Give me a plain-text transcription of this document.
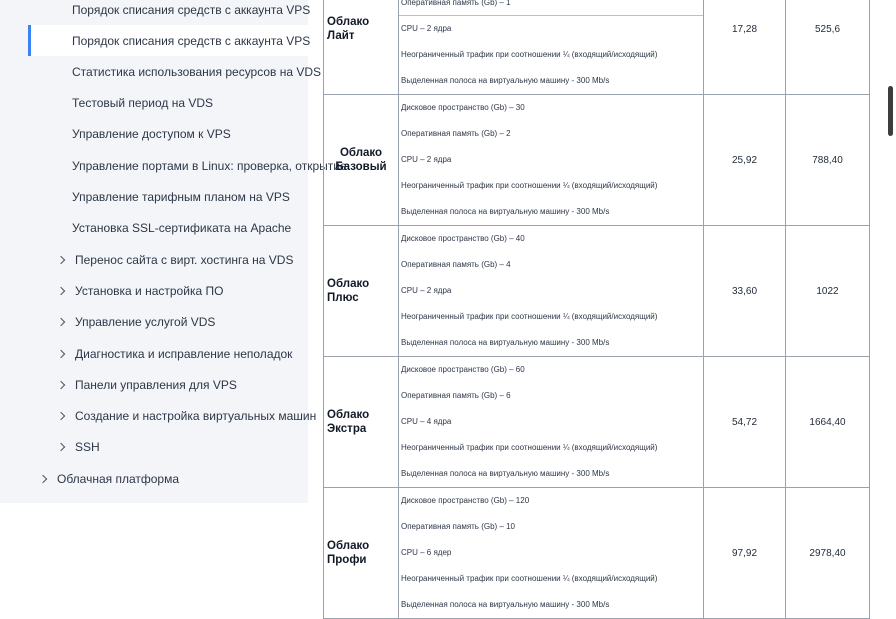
Порядок списания средств с аккаунта VPS
Порядок списания средств с аккаунта VPS
Статистика использования ресурсов на VDS
Тестовый период на VDS
Управление доступом к VPS
Управление портами в Linux: проверка, открытие
Управление тарифным планом на VPS
Установка SSL-сертификата на Apache
Перенос сайта с вирт. хостинга на VDS
Установка и настройка ПО
Управление услугой VDS
Диагностика и исправление неполадок
Панели управления для VPS
Создание и настройка виртуальных машин
SSH
Облачная платформа
Облако Лайт	Оперативная память (Gb) – 1
CPU – 2 ядра
Неограниченный трафик при соотношении ¼ (входящий/исходящий)
Выделенная полоса на виртуальную машину - 300 Mb/s	17,28	525,6
Облако Базовый	Дисковое пространство (Gb) – 30
Оперативная память (Gb) – 2
CPU – 2 ядра
Неограниченный трафик при соотношении ¼ (входящий/исходящий)
Выделенная полоса на виртуальную машину - 300 Mb/s	25,92	788,40
Облако Плюс	Дисковое пространство (Gb) – 40
Оперативная память (Gb) – 4
CPU – 2 ядра
Неограниченный трафик при соотношении ¼ (входящий/исходящий)
Выделенная полоса на виртуальную машину - 300 Mb/s	33,60	1022
Облако Экстра	Дисковое пространство (Gb) – 60
Оперативная память (Gb) – 6
CPU – 4 ядра
Неограниченный трафик при соотношении ¼ (входящий/исходящий)
Выделенная полоса на виртуальную машину - 300 Mb/s	54,72	1664,40
Облако Профи	Дисковое пространство (Gb) – 120
Оперативная память (Gb) – 10
CPU – 6 ядер
Неограниченный трафик при соотношении ¼ (входящий/исходящий)
Выделенная полоса на виртуальную машину - 300 Mb/s	97,92	2978,40
